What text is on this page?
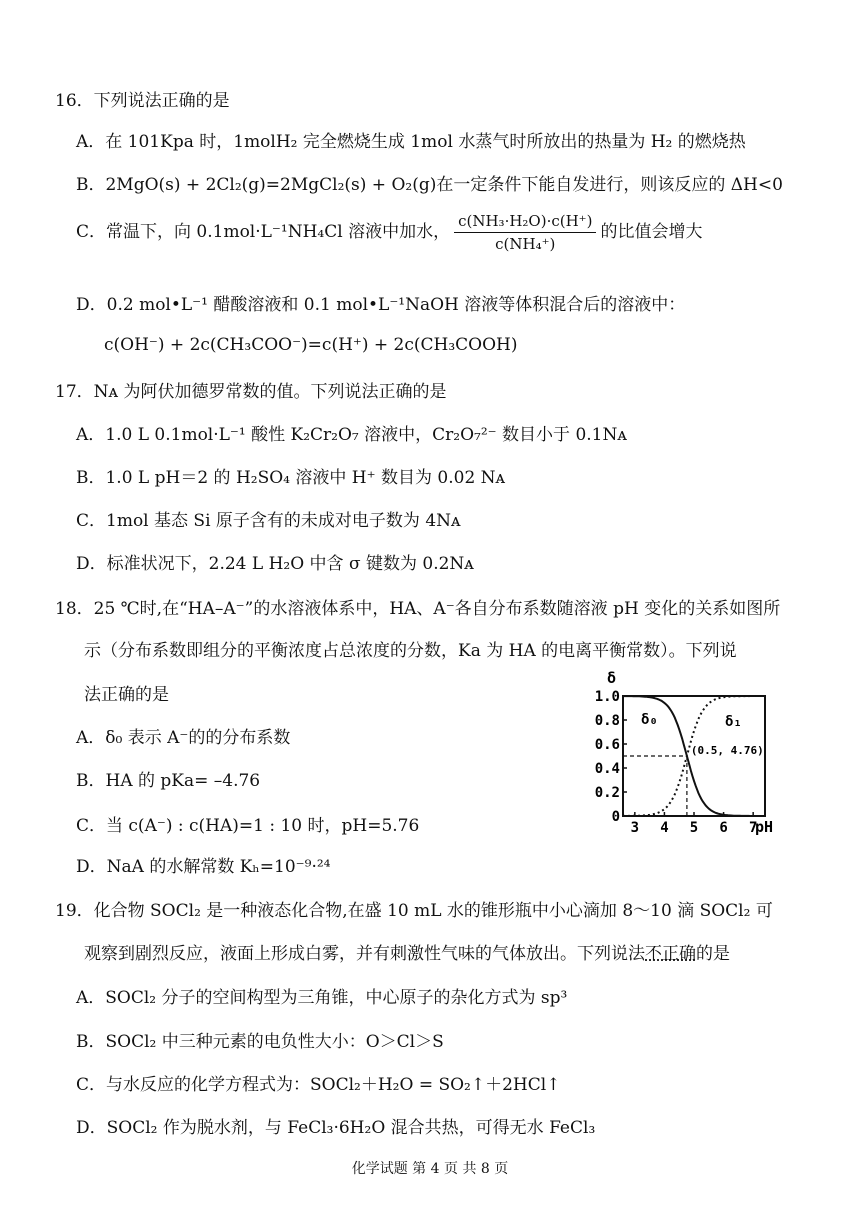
16．下列说法正确的是
A．在 101Kpa 时，1molH₂ 完全燃烧生成 1mol 水蒸气时所放出的热量为 H₂ 的燃烧热
B．2MgO(s) + 2Cl₂(g)=2MgCl₂(s) + O₂(g)在一定条件下能自发进行，则该反应的 ΔH<0
C．常温下，向 0.1mol·L⁻¹NH₄Cl 溶液中加水， $\frac{\text{c(NH₃·H₂O)·c(H⁺)}}{\text{c(NH₄⁺)}}$ 的比值会增大
D．0.2 mol•L⁻¹ 醋酸溶液和 0.1 mol•L⁻¹NaOH 溶液等体积混合后的溶液中：
c(OH⁻) + 2c(CH₃COO⁻)=c(H⁺) + 2c(CH₃COOH)
17．Nᴀ 为阿伏加德罗常数的值。下列说法正确的是
A．1.0 L 0.1mol·L⁻¹ 酸性 K₂Cr₂O₇ 溶液中，Cr₂O₇²⁻ 数目小于 0.1Nᴀ
B．1.0 L pH＝2 的 H₂SO₄ 溶液中 H⁺ 数目为 0.02 Nᴀ
C．1mol 基态 Si 原子含有的未成对电子数为 4Nᴀ
D．标准状况下，2.24 L H₂O 中含 σ 键数为 0.2Nᴀ
18．25 ℃时,在“HA–A⁻”的水溶液体系中，HA、A⁻各自分布系数随溶液 pH 变化的关系如图所
示（分布系数即组分的平衡浓度占总浓度的分数，Ka 为 HA 的电离平衡常数）。下列说
法正确的是
A．δ₀ 表示 A⁻的的分布系数
B．HA 的 pKa= –4.76
C．当 c(A⁻) : c(HA)=1 : 10 时，pH=5.76
D．NaA 的水解常数 Kₕ=10⁻⁹·²⁴
δ
pH
0
0.2
0.4
0.6
0.8
1.0
3 4 5 6 7
(0.5, 4.76)
δ₀	δ₁
19．化合物 SOCl₂ 是一种液态化合物,在盛 10 mL 水的锥形瓶中小心滴加 8～10 滴 SOCl₂ 可
观察到剧烈反应，液面上形成白雾，并有刺激性气味的气体放出。下列说法不正确的是
A．SOCl₂ 分子的空间构型为三角锥，中心原子的杂化方式为 sp³
B．SOCl₂ 中三种元素的电负性大小：O＞Cl＞S
C．与水反应的化学方程式为：SOCl₂＋H₂O = SO₂↑＋2HCl↑
D．SOCl₂ 作为脱水剂，与 FeCl₃·6H₂O 混合共热，可得无水 FeCl₃
化学试题 第 4 页 共 8 页
